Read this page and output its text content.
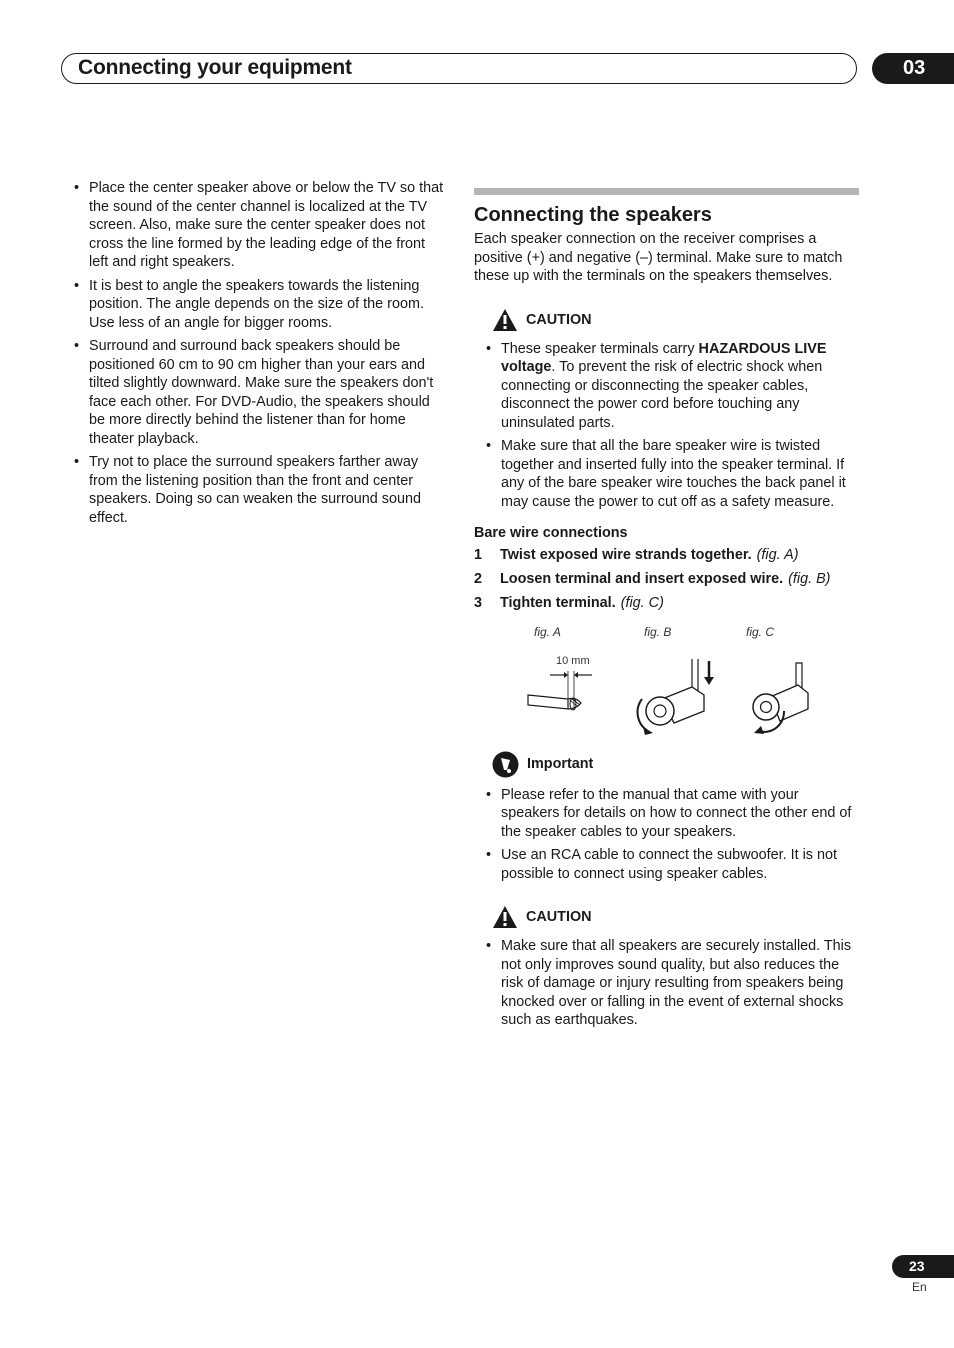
Connecting your equipment	03
• Place the center speaker above or below the TV so that the sound of the center channel is localized at the TV screen. Also, make sure the center speaker does not cross the line formed by the leading edge of the front left and right speakers.
• It is best to angle the speakers towards the listening position. The angle depends on the size of the room. Use less of an angle for bigger rooms.
• Surround and surround back speakers should be positioned 60 cm to 90 cm higher than your ears and tilted slightly downward. Make sure the speakers don't face each other. For DVD-Audio, the speakers should be more directly behind the listener than for home theater playback.
• Try not to place the surround speakers farther away from the listening position than the front and center speakers. Doing so can weaken the surround sound effect.
Connecting the speakers

Each speaker connection on the receiver comprises a positive (+) and negative (–) terminal. Make sure to match these up with the terminals on the speakers themselves.

CAUTION
• These speaker terminals carry HAZARDOUS LIVE voltage. To prevent the risk of electric shock when connecting or disconnecting the speaker cables, disconnect the power cord before touching any uninsulated parts.
• Make sure that all the bare speaker wire is twisted together and inserted fully into the speaker terminal. If any of the bare speaker wire touches the back panel it may cause the power to cut off as a safety measure.
Bare wire connections
1	Twist exposed wire strands together. (fig. A)
2	Loosen terminal and insert exposed wire. (fig. B)
3	Tighten terminal. (fig. C)
fig. A	fig. B	fig. C
10 mm
Important
• Please refer to the manual that came with your speakers for details on how to connect the other end of the speaker cables to your speakers.
• Use an RCA cable to connect the subwoofer. It is not possible to connect using speaker cables.
CAUTION
• Make sure that all speakers are securely installed. This not only improves sound quality, but also reduces the risk of damage or injury resulting from speakers being knocked over or falling in the event of external shocks such as earthquakes.
23
En
